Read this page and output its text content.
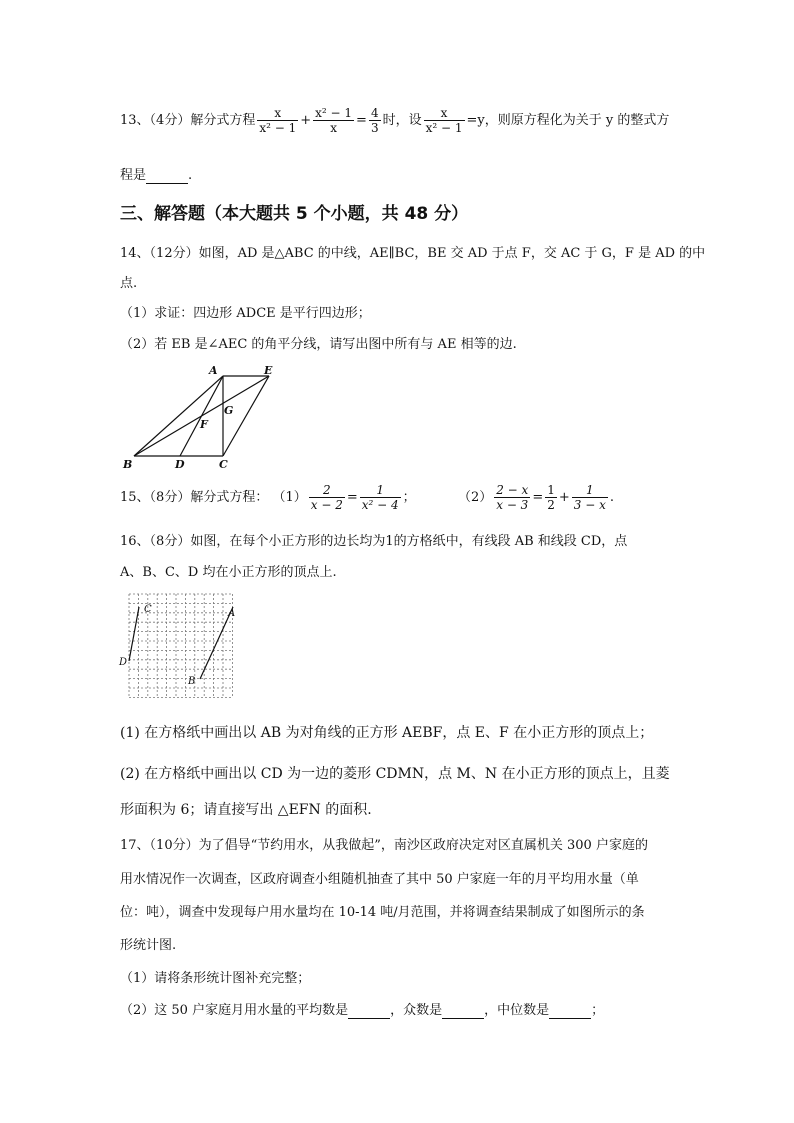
13、（4分）解分式方程 $\frac{x}{\text{x² − 1}} + \frac{\text{x² − 1}}{x} = \frac{4}{3}$ 时，设 $\frac{x}{\text{x² − 1}} =y$，则原方程化为关于 y 的整式方
程是	.
三、解答题（本大题共 5 个小题，共 48 分）
14、（12分）如图，AD 是△ABC 的中线，AE∥BC，BE 交 AD 于点 F，交 AC 于 G，F 是 AD 的中
点.
（1）求证：四边形 ADCE 是平行四边形；
（2）若 EB 是∠AEC 的角平分线，请写出图中所有与 AE 相等的边.
A	E
G
F
B	D	C
15、（8分）解分式方程： $(1) \frac{2}{x - 2} = \frac{1}{\text{x² − 4}}$ ；	$(2) \frac{2 - x}{x - 3} = \frac{1}{2} + \frac{1}{3 - x}$ .
16、（8分）如图，在每个小正方形的边长均为1的方格纸中，有线段 AB 和线段 CD，点
A、B、C、D 均在小正方形的顶点上.
C	A
D
B
(1) 在方格纸中画出以 AB 为对角线的正方形 AEBF，点 E、F 在小正方形的顶点上；
(2) 在方格纸中画出以 CD 为一边的菱形 CDMN，点 M、N 在小正方形的顶点上，且菱
形面积为 6；请直接写出 △EFN 的面积.
17、（10分）为了倡导“节约用水，从我做起”，南沙区政府决定对区直属机关 300 户家庭的
用水情况作一次调查，区政府调查小组随机抽查了其中 50 户家庭一年的月平均用水量（单
位：吨），调查中发现每户用水量均在 10-14 吨/月范围，并将调查结果制成了如图所示的条
形统计图.
（1）请将条形统计图补充完整；
（2）这 50 户家庭月用水量的平均数是	，众数是	，中位数是	；
